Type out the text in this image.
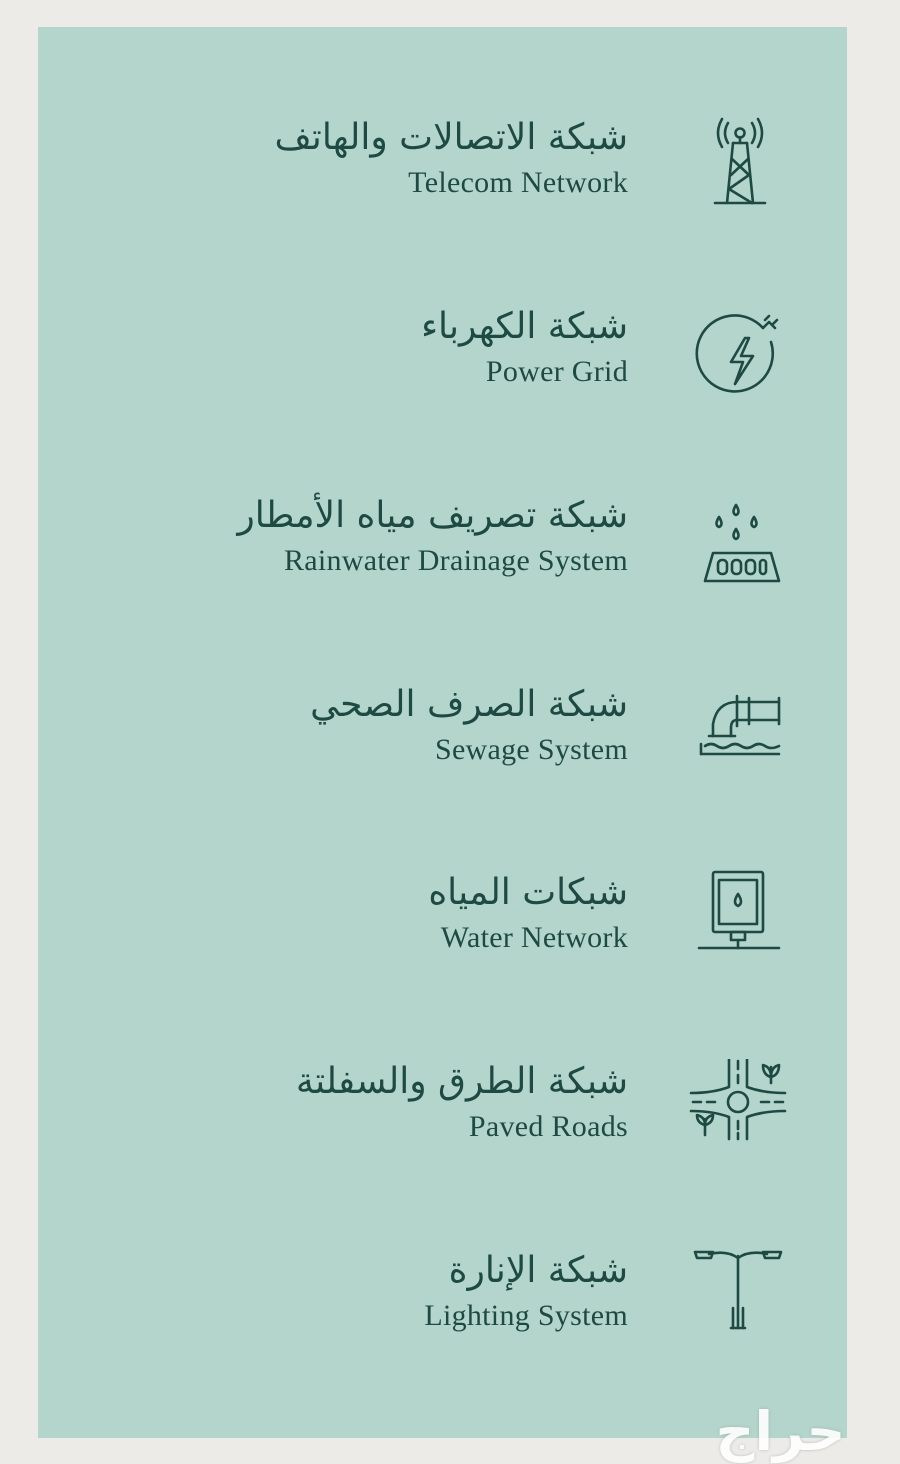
شبكة الاتصالات والهاتف
Telecom Network
شبكة الكهرباء
Power Grid
شبكة تصريف مياه الأمطار
Rainwater Drainage System
شبكة الصرف الصحي
Sewage System
شبكات المياه
Water Network
شبكة الطرق والسفلتة
Paved Roads
شبكة الإنارة
Lighting System
حراج
